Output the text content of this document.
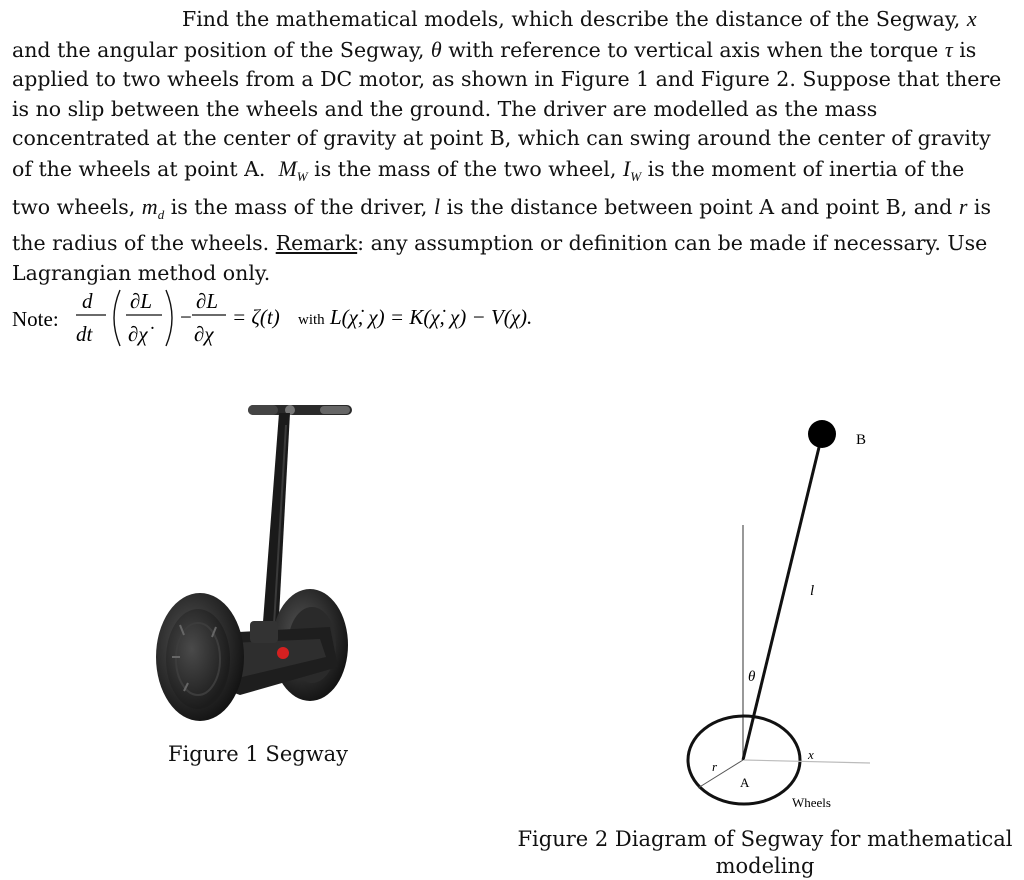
Find the mathematical models, which describe the distance of the Segway, x and the angular position of the Segway, θ with reference to vertical axis when the torque τ is applied to two wheels from a DC motor, as shown in Figure 1 and Figure 2. Suppose that there is no slip between the wheels and the ground. The driver are modelled as the mass concentrated at the center of gravity at point B, which can swing around the center of gravity of the wheels at point A. $M_W$ is the mass of the two wheel, $I_W$ is the moment of inertia of the two wheels, $m_d$ is the mass of the driver, l is the distance between point A and point B, and r is the radius of the wheels. Remark: any assumption or definition can be made if necessary. Use Lagrangian method only.
Note:
d
dt
∂L
∂χ̇
−
∂L
∂χ
= ζ(t) with L(χ̇, χ) = K(χ̇, χ) − V(χ).
Figure 1 Segway
B
l
θ
x
r
A
Wheels
Figure 2 Diagram of Segway for mathematical modeling
